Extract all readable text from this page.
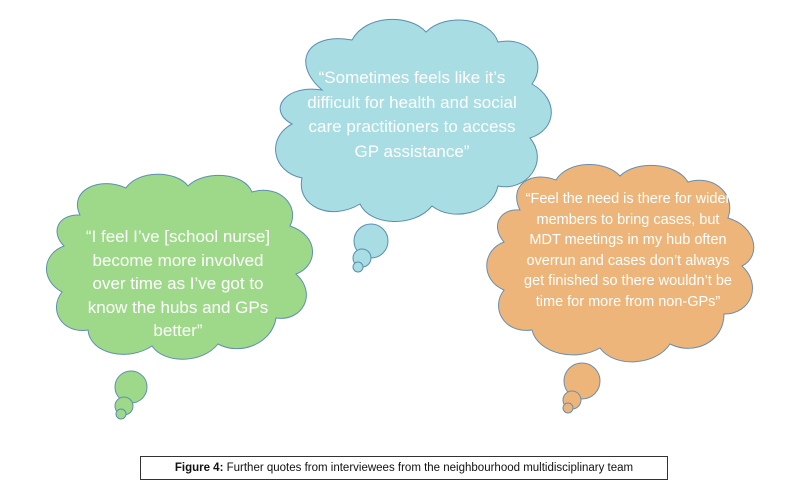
“Sometimes feels like it’s difficult for health and social care practitioners to access GP assistance”
“I feel I’ve [school nurse] become more involved over time as I’ve got to know the hubs and GPs better”
“Feel the need is there for wider members to bring cases, but MDT meetings in my hub often overrun and cases don’t always get finished so there wouldn’t be time for more from non-GPs”
Figure 4: Further quotes from interviewees from the neighbourhood multidisciplinary team
